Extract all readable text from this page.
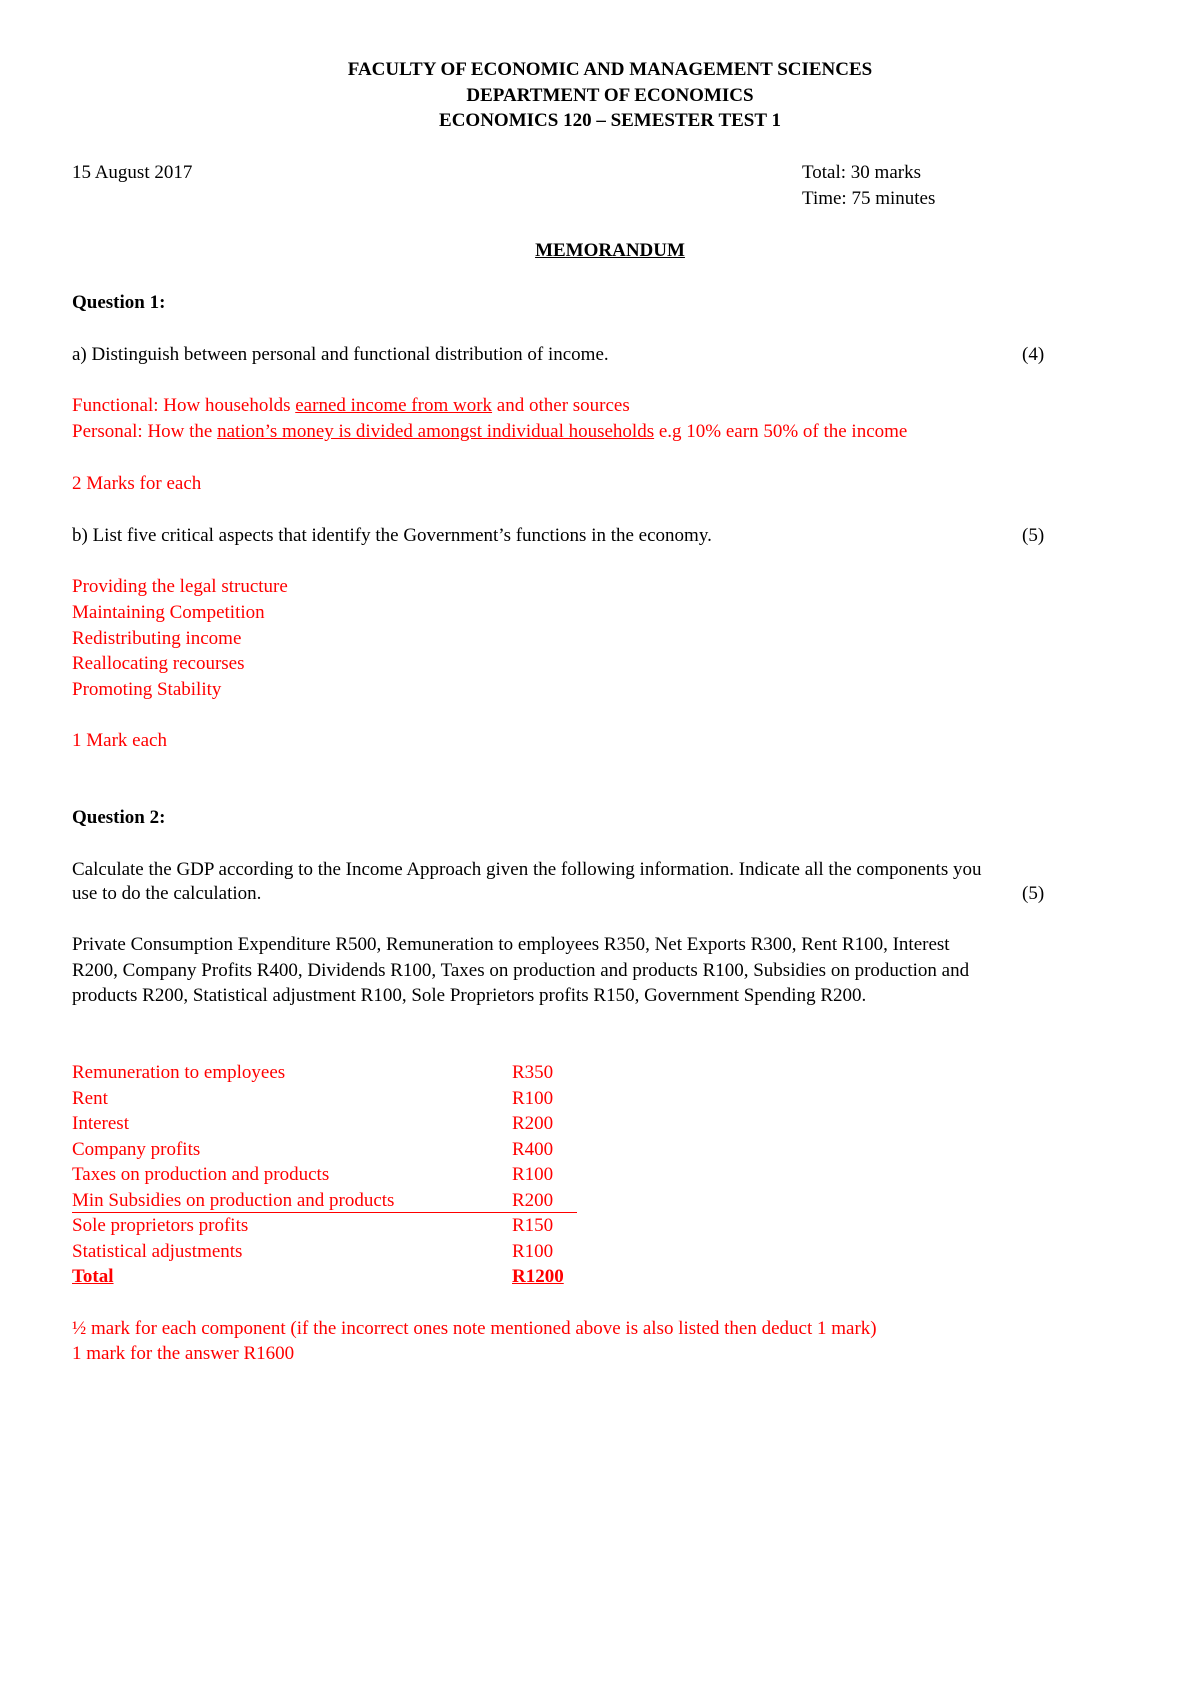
FACULTY OF ECONOMIC AND MANAGEMENT SCIENCES
DEPARTMENT OF ECONOMICS
ECONOMICS 120 – SEMESTER TEST 1
15 August 2017	Total: 30 marks
Time: 75 minutes
MEMORANDUM
Question 1:
a) Distinguish between personal and functional distribution of income.	(4)
Functional: How households earned income from work and other sources
Personal: How the nation’s money is divided amongst individual households e.g 10% earn 50% of the income
2 Marks for each
b) List five critical aspects that identify the Government’s functions in the economy.	(5)
Providing the legal structure
Maintaining Competition
Redistributing income
Reallocating recourses
Promoting Stability
1 Mark each
Question 2:
Calculate the GDP according to the Income Approach given the following information. Indicate all the components you
use to do the calculation.	(5)
Private Consumption Expenditure R500, Remuneration to employees R350, Net Exports R300, Rent R100, Interest
R200, Company Profits R400, Dividends R100, Taxes on production and products R100, Subsidies on production and
products R200, Statistical adjustment R100, Sole Proprietors profits R150, Government Spending R200.
Remuneration to employees	R350
Rent	R100
Interest	R200
Company profits	R400
Taxes on production and products	R100
Min Subsidies on production and products	R200
Sole proprietors profits	R150
Statistical adjustments	R100
Total	R1200
½ mark for each component (if the incorrect ones note mentioned above is also listed then deduct 1 mark)
1 mark for the answer R1600
